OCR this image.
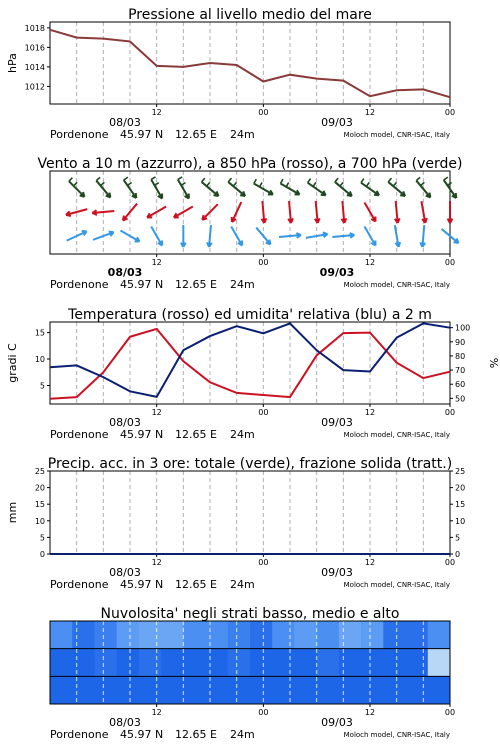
Pressione al livello medio del mare
12	00	12	00
08/03	09/03
Pordenone 45.97 N 12.65 E 24m	Moloch model, CNR-ISAC, Italy
1012
1014
1016
1018
hPa
Vento a 10 m (azzurro), a 850 hPa (rosso), a 700 hPa (verde)
12	00	12	00
08/03	09/03
Pordenone 45.97 N 12.65 E 24m	Moloch model, CNR-ISAC, Italy
Temperatura (rosso) ed umidita' relativa (blu) a 2 m
12	00	12	00
08/03	09/03
Pordenone 45.97 N 12.65 E 24m	Moloch model, CNR-ISAC, Italy
5
10
15
50
60
70
80
90
100
gradi C	%
Precip. acc. in 3 ore: totale (verde), frazione solida (tratt.)
12	00	12	00
08/03	09/03
Pordenone 45.97 N 12.65 E 24m	Moloch model, CNR-ISAC, Italy
0
5
10
15
20
25
0
5
10
15
20
25
mm
Nuvolosita' negli strati basso, medio e alto
12	00	12	00
08/03	09/03
Pordenone 45.97 N 12.65 E 24m	Moloch model, CNR-ISAC, Italy
